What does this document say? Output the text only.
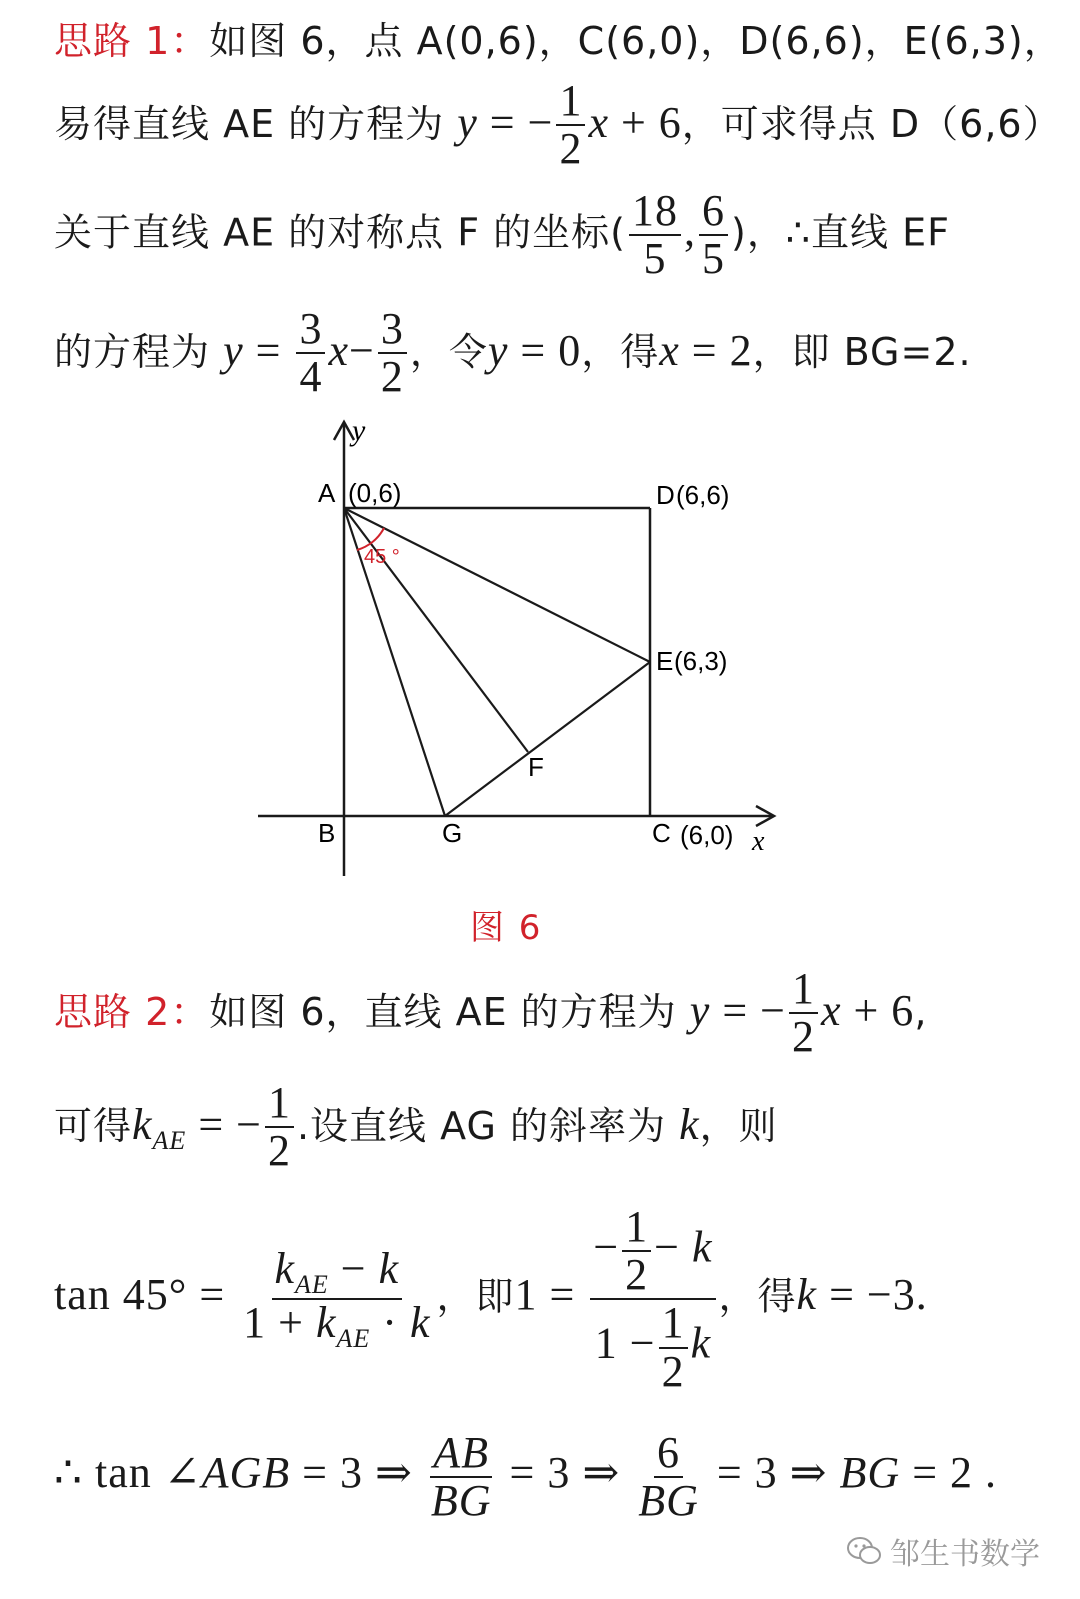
思路 1：如图 6，点 A(0,6)，C(6,0)，D(6,6)，E(6,3)，
易得直线 AE 的方程为 y = − $\frac{1}{2}$ x + 6，可求得点 D（6,6）
关于直线 AE 的对称点 F 的坐标( $\frac{18}{5}$ , $\frac{6}{5}$ )，∴直线 EF
的方程为 $y = \frac{3}{4} x- \frac{3}{2}$ ，令y = 0，得x = 2，即 BG=2.
45 °
y
A (0,6)	D (6,6)
E (6,3)
F
B	G	C (6,0) x
图 6
思路 2：如图 6，直线 AE 的方程为 y = − $\frac{1}{2}$ x + 6,
可得$k_{AE}$ = − $\frac{1}{2}$ .设直线 AG 的斜率为 k，则
$\tan 45^\circ = \frac{k_{AE} - k}{1 + k_{AE} \cdot k}$ ，即$1 = \frac{- \frac{1}{2} - k}{1 - \frac{1}{2} k}$ ，得k = −3.
∴ tan ∠AGB = 3 ⇒ $\frac{AB}{BG} = 3$ ⇒ $\frac{6}{BG} = 3$ ⇒ BG = 2 .
邹生书数学
